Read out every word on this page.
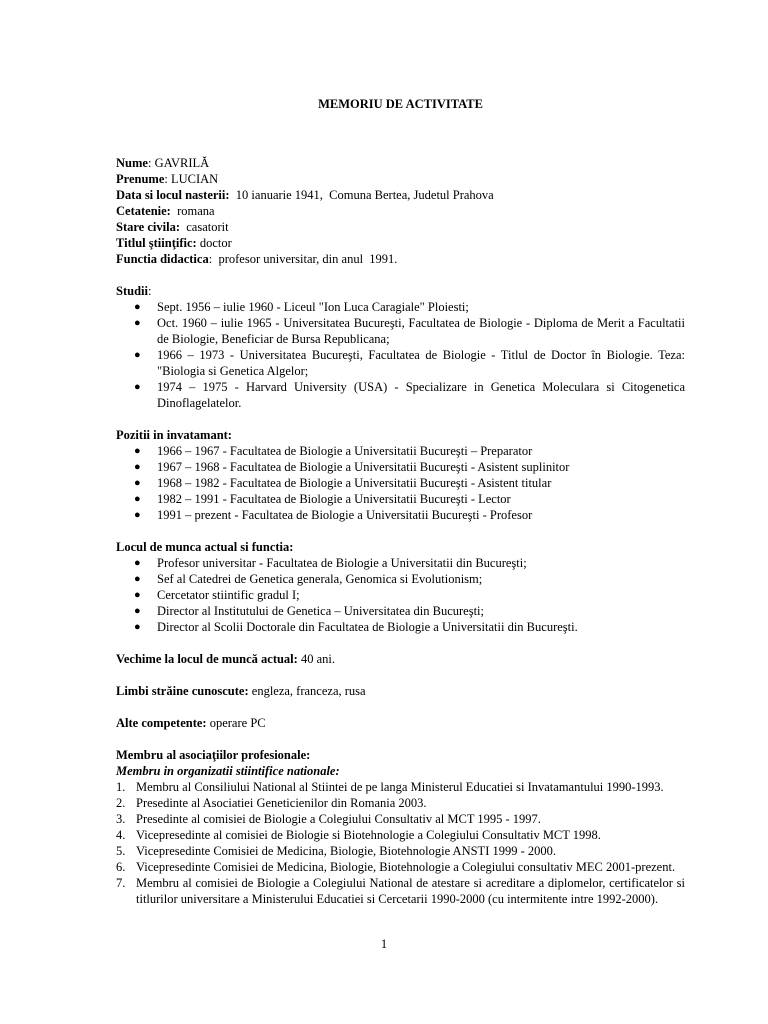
MEMORIU DE ACTIVITATE
Nume: GAVRILĂ
Prenume: LUCIAN
Data si locul nasterii:  10 ianuarie 1941,  Comuna Bertea, Judetul Prahova
Cetatenie:  romana
Stare civila:  casatorit
Titlul ştiinţific: doctor
Functia didactica:  profesor universitar, din anul  1991.
Studii:
● Sept. 1956 – iulie 1960 - Liceul "Ion Luca Caragiale" Ploiesti;
● Oct. 1960 – iulie 1965 - Universitatea Bucureşti, Facultatea de Biologie - Diploma de Merit a Facultatii de Biologie, Beneficiar de Bursa Republicana;
● 1966 – 1973 - Universitatea Bucureşti, Facultatea de Biologie - Titlul de Doctor în Biologie. Teza: "Biologia si Genetica Algelor;
● 1974 – 1975 - Harvard University (USA) - Specializare in Genetica Moleculara si Citogenetica Dinoflagelatelor.
Pozitii in invatamant:
● 1966 – 1967 - Facultatea de Biologie a Universitatii Bucureşti – Preparator
● 1967 – 1968 - Facultatea de Biologie a Universitatii Bucureşti - Asistent suplinitor
● 1968 – 1982 - Facultatea de Biologie a Universitatii Bucureşti - Asistent titular
● 1982 – 1991 - Facultatea de Biologie a Universitatii Bucureşti - Lector
● 1991 – prezent - Facultatea de Biologie a Universitatii Bucureşti - Profesor
Locul de munca actual si functia:
● Profesor universitar - Facultatea de Biologie a Universitatii din Bucureşti;
● Sef al Catedrei de Genetica generala, Genomica si Evolutionism;
● Cercetator stiintific gradul I;
● Director al Institutului de Genetica – Universitatea din Bucureşti;
● Director al Scolii Doctorale din Facultatea de Biologie a Universitatii din Bucureşti.
Vechime la locul de muncă actual: 40 ani.
Limbi străine cunoscute: engleza, franceza, rusa
Alte competente: operare PC
Membru al asociaţiilor profesionale:
Membru in organizatii stiintifice nationale:
1. Membru al Consiliului National al Stiintei de pe langa Ministerul Educatiei si Invatamantului 1990-1993.
2. Presedinte al Asociatiei Geneticienilor din Romania 2003.
3. Presedinte al comisiei de Biologie a Colegiului Consultativ al MCT 1995 - 1997.
4. Vicepresedinte al comisiei de Biologie si Biotehnologie a Colegiului Consultativ MCT 1998.
5. Vicepresedinte Comisiei de Medicina, Biologie, Biotehnologie ANSTI 1999 - 2000.
6. Vicepresedinte Comisiei de Medicina, Biologie, Biotehnologie a Colegiului consultativ MEC 2001-prezent.
7. Membru al comisiei de Biologie a Colegiului National de atestare si acreditare a diplomelor, certificatelor si titlurilor universitare a Ministerului Educatiei si Cercetarii 1990-2000 (cu intermitente intre 1992-2000).
1
